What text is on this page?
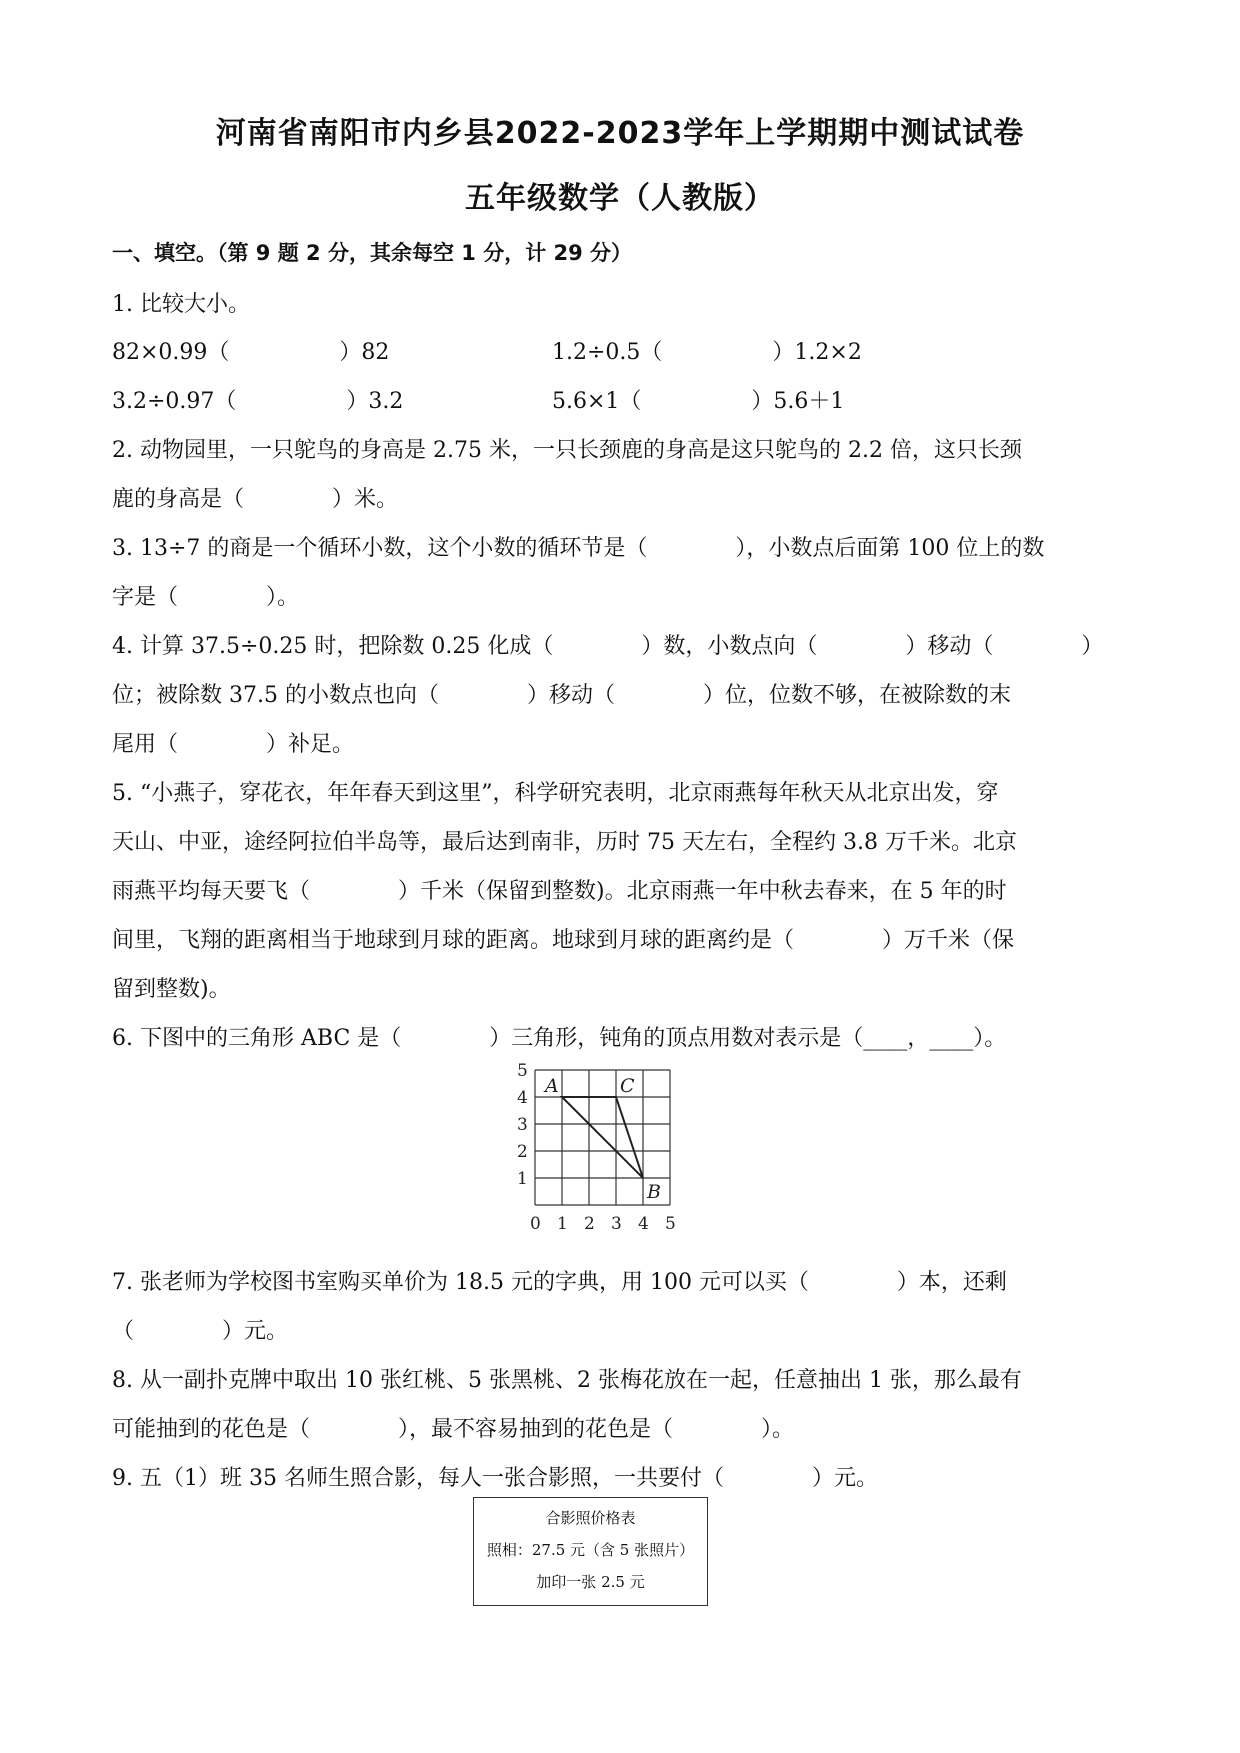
河南省南阳市内乡县2022-2023学年上学期期中测试试卷
五年级数学（人教版）
一、填空。（第 9 题 2 分，其余每空 1 分，计 29 分）
1. 比较大小。
82×0.99（　　　　　）82	1.2÷0.5（　　　　　）1.2×2
3.2÷0.97（　　　　　）3.2	5.6×1（　　　　　）5.6＋1
2. 动物园里，一只鸵鸟的身高是 2.75 米，一只长颈鹿的身高是这只鸵鸟的 2.2 倍，这只长颈
鹿的身高是（　　　　）米。
3. 13÷7 的商是一个循环小数，这个小数的循环节是（　　　　），小数点后面第 100 位上的数
字是（　　　　）。
4. 计算 37.5÷0.25 时，把除数 0.25 化成（　　　　）数，小数点向（　　　　）移动（　　　　）
位；被除数 37.5 的小数点也向（　　　　）移动（　　　　）位，位数不够，在被除数的末
尾用（　　　　）补足。
5. “小燕子，穿花衣，年年春天到这里”，科学研究表明，北京雨燕每年秋天从北京出发，穿
天山、中亚，途经阿拉伯半岛等，最后达到南非，历时 75 天左右，全程约 3.8 万千米。北京
雨燕平均每天要飞（　　　　）千米（保留到整数)。北京雨燕一年中秋去春来，在 5 年的时
间里，飞翔的距离相当于地球到月球的距离。地球到月球的距离约是（　　　　）万千米（保
留到整数)。
6. 下图中的三角形 ABC 是（　　　　）三角形，钝角的顶点用数对表示是（____，____）。
0 1 2 3 4 5
1
2
3
4
5
A	C
B
7. 张老师为学校图书室购买单价为 18.5 元的字典，用 100 元可以买（　　　　）本，还剩
（　　　　）元。
8. 从一副扑克牌中取出 10 张红桃、5 张黑桃、2 张梅花放在一起，任意抽出 1 张，那么最有
可能抽到的花色是（　　　　），最不容易抽到的花色是（　　　　）。
9. 五（1）班 35 名师生照合影，每人一张合影照，一共要付（　　　　）元。
合影照价格表
照相：27.5 元（含 5 张照片）
加印一张 2.5 元
